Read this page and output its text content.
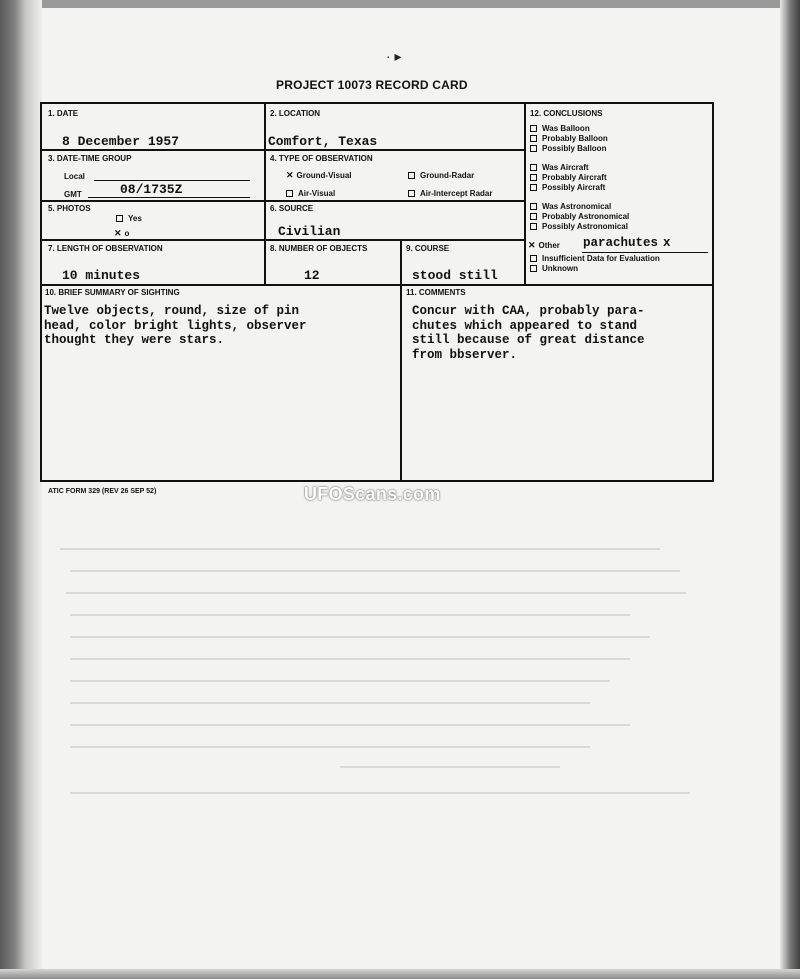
· ▸
PROJECT 10073 RECORD CARD
1. DATE
8 December 1957
2. LOCATION
Comfort, Texas
12. CONCLUSIONS
Was Balloon
Probably Balloon
Possibly Balloon
Was Aircraft
Probably Aircraft
Possibly Aircraft
Was Astronomical
Probably Astronomical
Possibly Astronomical
✕ Other parachutes x
Insufficient Data for Evaluation
Unknown
3. DATE-TIME GROUP
Local
GMT	08/1735Z
4. TYPE OF OBSERVATION
✕ Ground-Visual	Ground-Radar
Air-Visual	Air-Intercept Radar
5. PHOTOS
Yes
✕ o
6. SOURCE
Civilian
7. LENGTH OF OBSERVATION
10 minutes
8. NUMBER OF OBJECTS
12
9. COURSE
stood still
10. BRIEF SUMMARY OF SIGHTING
Twelve objects, round, size of pin
head, color bright lights, observer
thought they were stars.
11. COMMENTS
Concur with CAA, probably para-
chutes which appeared to stand
still because of great distance
from bbserver.
ATIC FORM 329 (REV 26 SEP 52)	UFOScans.com
